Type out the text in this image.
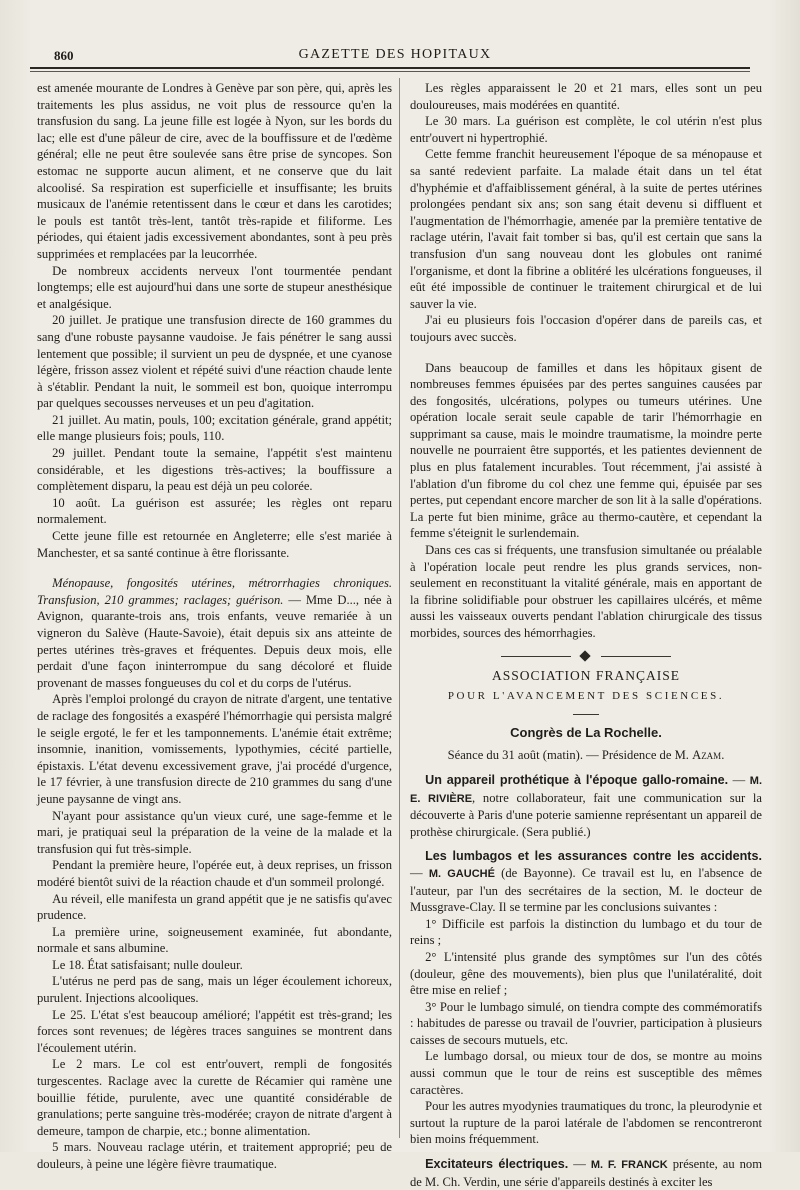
860	GAZETTE DES HOPITAUX

est amenée mourante de Londres à Genève par son père, qui, après les traitements les plus assidus, ne voit plus de ressource qu'en la transfusion du sang. La jeune fille est logée à Nyon, sur les bords du lac; elle est d'une pâleur de cire, avec de la bouffissure et de l'œdème général; elle ne peut être soulevée sans être prise de syncopes. Son estomac ne supporte aucun aliment, et ne conserve que du lait alcoolisé. Sa respiration est superficielle et insuffisante; les bruits musicaux de l'anémie retentissent dans le cœur et dans les carotides; le pouls est tantôt très-lent, tantôt très-rapide et filiforme. Les périodes, qui étaient jadis excessivement abondantes, sont à peu près supprimées et remplacées par la leucorrhée.

De nombreux accidents nerveux l'ont tourmentée pendant longtemps; elle est aujourd'hui dans une sorte de stupeur anesthésique et analgésique.

20 juillet. Je pratique une transfusion directe de 160 grammes du sang d'une robuste paysanne vaudoise. Je fais pénétrer le sang aussi lentement que possible; il survient un peu de dyspnée, et une cyanose légère, frisson assez violent et répété suivi d'une réaction chaude lente à s'établir. Pendant la nuit, le sommeil est bon, quoique interrompu par quelques secousses nerveuses et un peu d'agitation.

21 juillet. Au matin, pouls, 100; excitation générale, grand appétit; elle mange plusieurs fois; pouls, 110.

29 juillet. Pendant toute la semaine, l'appétit s'est maintenu considérable, et les digestions très-actives; la bouffissure a complètement disparu, la peau est déjà un peu colorée.

10 août. La guérison est assurée; les règles ont reparu normalement.

Cette jeune fille est retournée en Angleterre; elle s'est mariée à Manchester, et sa santé continue à être florissante.

Ménopause, fongosités utérines, métrorrhagies chroniques. Transfusion, 210 grammes; raclages; guérison. — Mme D..., née à Avignon, quarante-trois ans, trois enfants, veuve remariée à un vigneron du Salève (Haute-Savoie), était depuis six ans atteinte de pertes utérines très-graves et fréquentes. Depuis deux mois, elle perdait d'une façon ininterrompue du sang décoloré et fluide provenant de masses fongueuses du col et du corps de l'utérus.

Après l'emploi prolongé du crayon de nitrate d'argent, une tentative de raclage des fongosités a exaspéré l'hémorrhagie qui persista malgré le seigle ergoté, le fer et les tamponnements. L'anémie était extrême; insomnie, inanition, vomissements, lypothymies, cécité partielle, épistaxis. L'état devenu excessivement grave, j'ai procédé d'urgence, le 17 février, à une transfusion directe de 210 grammes du sang d'une jeune paysanne de vingt ans.

N'ayant pour assistance qu'un vieux curé, une sage-femme et le mari, je pratiquai seul la préparation de la veine de la malade et la transfusion qui fut très-simple.

Pendant la première heure, l'opérée eut, à deux reprises, un frisson modéré bientôt suivi de la réaction chaude et d'un sommeil prolongé.

Au réveil, elle manifesta un grand appétit que je ne satisfis qu'avec prudence.

La première urine, soigneusement examinée, fut abondante, normale et sans albumine.

Le 18. État satisfaisant; nulle douleur.

L'utérus ne perd pas de sang, mais un léger écoulement ichoreux, purulent. Injections alcooliques.

Le 25. L'état s'est beaucoup amélioré; l'appétit est très-grand; les forces sont revenues; de légères traces sanguines se montrent dans l'écoulement utérin.

Le 2 mars. Le col est entr'ouvert, rempli de fongosités turgescentes. Raclage avec la curette de Récamier qui ramène une bouillie fétide, purulente, avec une quantité considérable de granulations; perte sanguine très-modérée; crayon de nitrate d'argent à demeure, tampon de charpie, etc.; bonne alimentation.

5 mars. Nouveau raclage utérin, et traitement approprié; peu de douleurs, à peine une légère fièvre traumatique.

Les règles apparaissent le 20 et 21 mars, elles sont un peu douloureuses, mais modérées en quantité.

Le 30 mars. La guérison est complète, le col utérin n'est plus entr'ouvert ni hypertrophié.

Cette femme franchit heureusement l'époque de sa ménopause et sa santé redevient parfaite. La malade était dans un tel état d'hyphémie et d'affaiblissement général, à la suite de pertes utérines prolongées pendant six ans; son sang était devenu si diffluent et l'augmentation de l'hémorrhagie, amenée par la première tentative de raclage utérin, l'avait fait tomber si bas, qu'il est certain que sans la transfusion d'un sang nouveau dont les globules ont ranimé l'organisme, et dont la fibrine a oblitéré les ulcérations fongueuses, il eût été impossible de continuer le traitement chirurgical et de lui sauver la vie.

J'ai eu plusieurs fois l'occasion d'opérer dans de pareils cas, et toujours avec succès.

Dans beaucoup de familles et dans les hôpitaux gisent de nombreuses femmes épuisées par des pertes sanguines causées par des fongosités, ulcérations, polypes ou tumeurs utérines. Une opération locale serait seule capable de tarir l'hémorrhagie en supprimant sa cause, mais le moindre traumatisme, la moindre perte nouvelle ne pourraient être supportés, et les patientes deviennent de plus en plus fatalement incurables. Tout récemment, j'ai assisté à l'ablation d'un fibrome du col chez une femme qui, épuisée par ses pertes, put cependant encore marcher de son lit à la salle d'opérations. La perte fut bien minime, grâce au thermo-cautère, et cependant la femme s'éteignit le surlendemain.

Dans ces cas si fréquents, une transfusion simultanée ou préalable à l'opération locale peut rendre les plus grands services, non-seulement en reconstituant la vitalité générale, mais en apportant de la fibrine solidifiable pour obstruer les capillaires ulcérés, et même aussi les vaisseaux ouverts pendant l'ablation chirurgicale des tissus morbides, sources des hémorrhagies.

ASSOCIATION FRANÇAISE
POUR L'AVANCEMENT DES SCIENCES.
Congrès de La Rochelle.
Séance du 31 août (matin). — Présidence de M. Azam.

Un appareil prothétique à l'époque gallo-romaine. — M. E. RIVIÈRE, notre collaborateur, fait une communication sur la découverte à Paris d'une poterie samienne représentant un appareil de prothèse chirurgicale. (Sera publié.)

Les lumbagos et les assurances contre les accidents. — M. GAUCHÉ (de Bayonne). Ce travail est lu, en l'absence de l'auteur, par l'un des secrétaires de la section, M. le docteur de Mussgrave-Clay. Il se termine par les conclusions suivantes :

1° Difficile est parfois la distinction du lumbago et du tour de reins ;

2° L'intensité plus grande des symptômes sur l'un des côtés (douleur, gêne des mouvements), bien plus que l'unilatéralité, doit être mise en relief ;

3° Pour le lumbago simulé, on tiendra compte des commémoratifs : habitudes de paresse ou travail de l'ouvrier, participation à plusieurs caisses de secours mutuels, etc.

Le lumbago dorsal, ou mieux tour de dos, se montre au moins aussi commun que le tour de reins est susceptible des mêmes caractères.

Pour les autres myodynies traumatiques du tronc, la pleurodynie et surtout la rupture de la paroi latérale de l'abdomen se rencontreront bien moins fréquemment.

Excitateurs électriques. — M. F. FRANCK présente, au nom de M. Ch. Verdin, une série d'appareils destinés à exciter les
